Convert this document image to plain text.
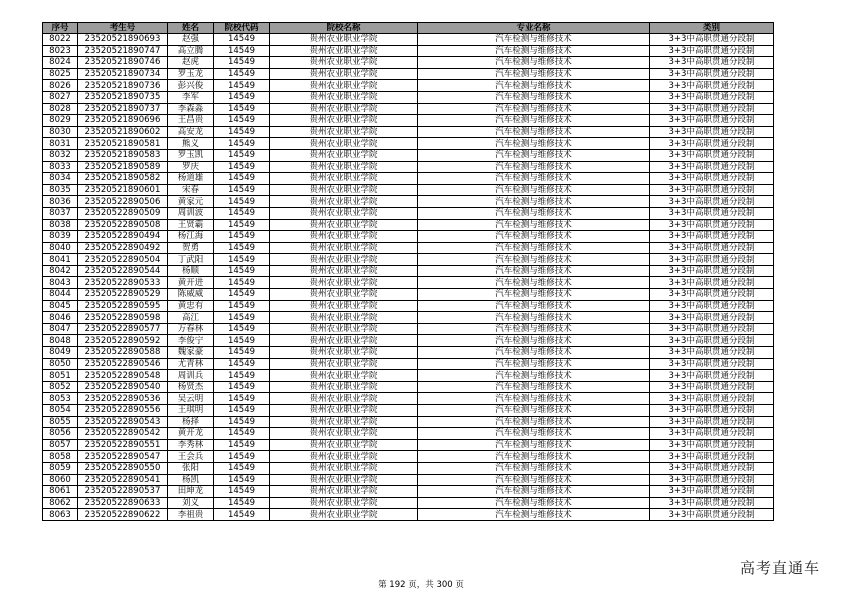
序号	考生号	姓名	院校代码	院校名称	专业名称	类别
8022	23520521890693	赵强	14549	贵州农业职业学院	汽车检测与维修技术	3+3中高职贯通分段制
8023	23520521890747	高立腾	14549	贵州农业职业学院	汽车检测与维修技术	3+3中高职贯通分段制
8024	23520521890746	赵虎	14549	贵州农业职业学院	汽车检测与维修技术	3+3中高职贯通分段制
8025	23520521890734	罗玉龙	14549	贵州农业职业学院	汽车检测与维修技术	3+3中高职贯通分段制
8026	23520521890736	彭兴俊	14549	贵州农业职业学院	汽车检测与维修技术	3+3中高职贯通分段制
8027	23520521890735	李军	14549	贵州农业职业学院	汽车检测与维修技术	3+3中高职贯通分段制
8028	23520521890737	李森淼	14549	贵州农业职业学院	汽车检测与维修技术	3+3中高职贯通分段制
8029	23520521890696	王昌贵	14549	贵州农业职业学院	汽车检测与维修技术	3+3中高职贯通分段制
8030	23520521890602	高安龙	14549	贵州农业职业学院	汽车检测与维修技术	3+3中高职贯通分段制
8031	23520521890581	熊义	14549	贵州农业职业学院	汽车检测与维修技术	3+3中高职贯通分段制
8032	23520521890583	罗玉凯	14549	贵州农业职业学院	汽车检测与维修技术	3+3中高职贯通分段制
8033	23520521890589	罗庆	14549	贵州农业职业学院	汽车检测与维修技术	3+3中高职贯通分段制
8034	23520521890582	杨道雄	14549	贵州农业职业学院	汽车检测与维修技术	3+3中高职贯通分段制
8035	23520521890601	宋春	14549	贵州农业职业学院	汽车检测与维修技术	3+3中高职贯通分段制
8036	23520522890506	黄家元	14549	贵州农业职业学院	汽车检测与维修技术	3+3中高职贯通分段制
8037	23520522890509	周训波	14549	贵州农业职业学院	汽车检测与维修技术	3+3中高职贯通分段制
8038	23520522890508	王贤霸	14549	贵州农业职业学院	汽车检测与维修技术	3+3中高职贯通分段制
8039	23520522890494	杨江海	14549	贵州农业职业学院	汽车检测与维修技术	3+3中高职贯通分段制
8040	23520522890492	贺勇	14549	贵州农业职业学院	汽车检测与维修技术	3+3中高职贯通分段制
8041	23520522890504	丁武阳	14549	贵州农业职业学院	汽车检测与维修技术	3+3中高职贯通分段制
8042	23520522890544	杨顺	14549	贵州农业职业学院	汽车检测与维修技术	3+3中高职贯通分段制
8043	23520522890533	黄开进	14549	贵州农业职业学院	汽车检测与维修技术	3+3中高职贯通分段制
8044	23520522890529	陈威威	14549	贵州农业职业学院	汽车检测与维修技术	3+3中高职贯通分段制
8045	23520522890595	黄忠有	14549	贵州农业职业学院	汽车检测与维修技术	3+3中高职贯通分段制
8046	23520522890598	高江	14549	贵州农业职业学院	汽车检测与维修技术	3+3中高职贯通分段制
8047	23520522890577	万春林	14549	贵州农业职业学院	汽车检测与维修技术	3+3中高职贯通分段制
8048	23520522890592	李俊宁	14549	贵州农业职业学院	汽车检测与维修技术	3+3中高职贯通分段制
8049	23520522890588	魏家豪	14549	贵州农业职业学院	汽车检测与维修技术	3+3中高职贯通分段制
8050	23520522890546	尤青林	14549	贵州农业职业学院	汽车检测与维修技术	3+3中高职贯通分段制
8051	23520522890548	周训兵	14549	贵州农业职业学院	汽车检测与维修技术	3+3中高职贯通分段制
8052	23520522890540	杨贤杰	14549	贵州农业职业学院	汽车检测与维修技术	3+3中高职贯通分段制
8053	23520522890536	吴云明	14549	贵州农业职业学院	汽车检测与维修技术	3+3中高职贯通分段制
8054	23520522890556	王琪明	14549	贵州农业职业学院	汽车检测与维修技术	3+3中高职贯通分段制
8055	23520522890543	杨择	14549	贵州农业职业学院	汽车检测与维修技术	3+3中高职贯通分段制
8056	23520522890542	黄开龙	14549	贵州农业职业学院	汽车检测与维修技术	3+3中高职贯通分段制
8057	23520522890551	李秀林	14549	贵州农业职业学院	汽车检测与维修技术	3+3中高职贯通分段制
8058	23520522890547	王会兵	14549	贵州农业职业学院	汽车检测与维修技术	3+3中高职贯通分段制
8059	23520522890550	张阳	14549	贵州农业职业学院	汽车检测与维修技术	3+3中高职贯通分段制
8060	23520522890541	杨凯	14549	贵州农业职业学院	汽车检测与维修技术	3+3中高职贯通分段制
8061	23520522890537	田坤龙	14549	贵州农业职业学院	汽车检测与维修技术	3+3中高职贯通分段制
8062	23520522890633	刘义	14549	贵州农业职业学院	汽车检测与维修技术	3+3中高职贯通分段制
8063	23520522890622	李祖贵	14549	贵州农业职业学院	汽车检测与维修技术	3+3中高职贯通分段制
第 192 页，共 300 页
高考直通车
